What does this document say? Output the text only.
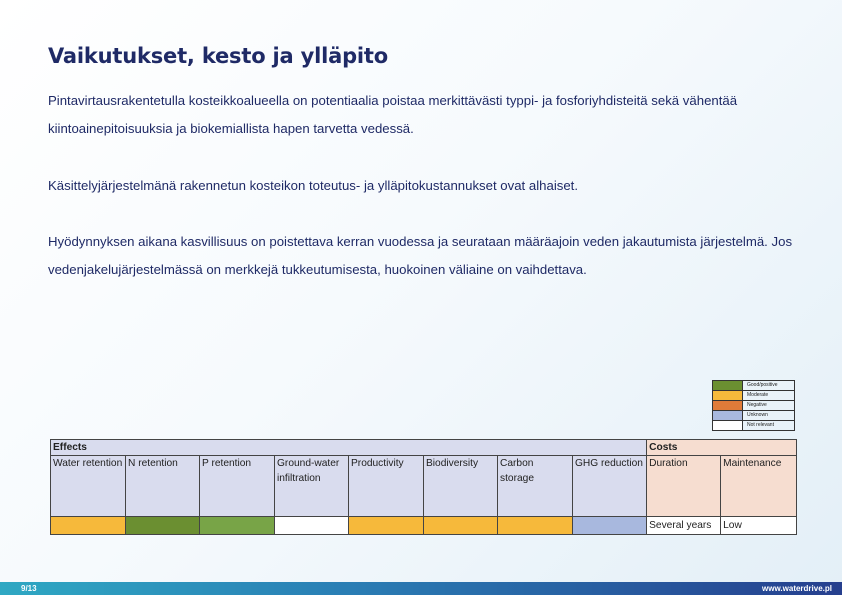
Vaikutukset, kesto ja ylläpito

Pintavirtausrakentetulla kosteikkoalueella on potentiaalia poistaa merkittävästi typpi- ja fosforiyhdisteitä sekä vähentää kiintoainepitoisuuksia ja biokemiallista hapen tarvetta vedessä.

Käsittelyjärjestelmänä rakennetun kosteikon toteutus- ja ylläpitokustannukset ovat alhaiset.

Hyödynnyksen aikana kasvillisuus on poistettava kerran vuodessa ja seurataan määräajoin veden jakautumista järjestelmä. Jos vedenjakelujärjestelmässä on merkkejä tukkeutumisesta, huokoinen väliaine on vaihdettava.

	Good/positive
	Moderate
	Negative
	Unknown
	Not relevant
Effects								Costs	
Water retention	N retention	P retention	Ground-water infiltration	Productivity	Biodiversity	Carbon storage	GHG reduction	Duration	Maintenance
								Several years	Low
9/13	www.waterdrive.pl
